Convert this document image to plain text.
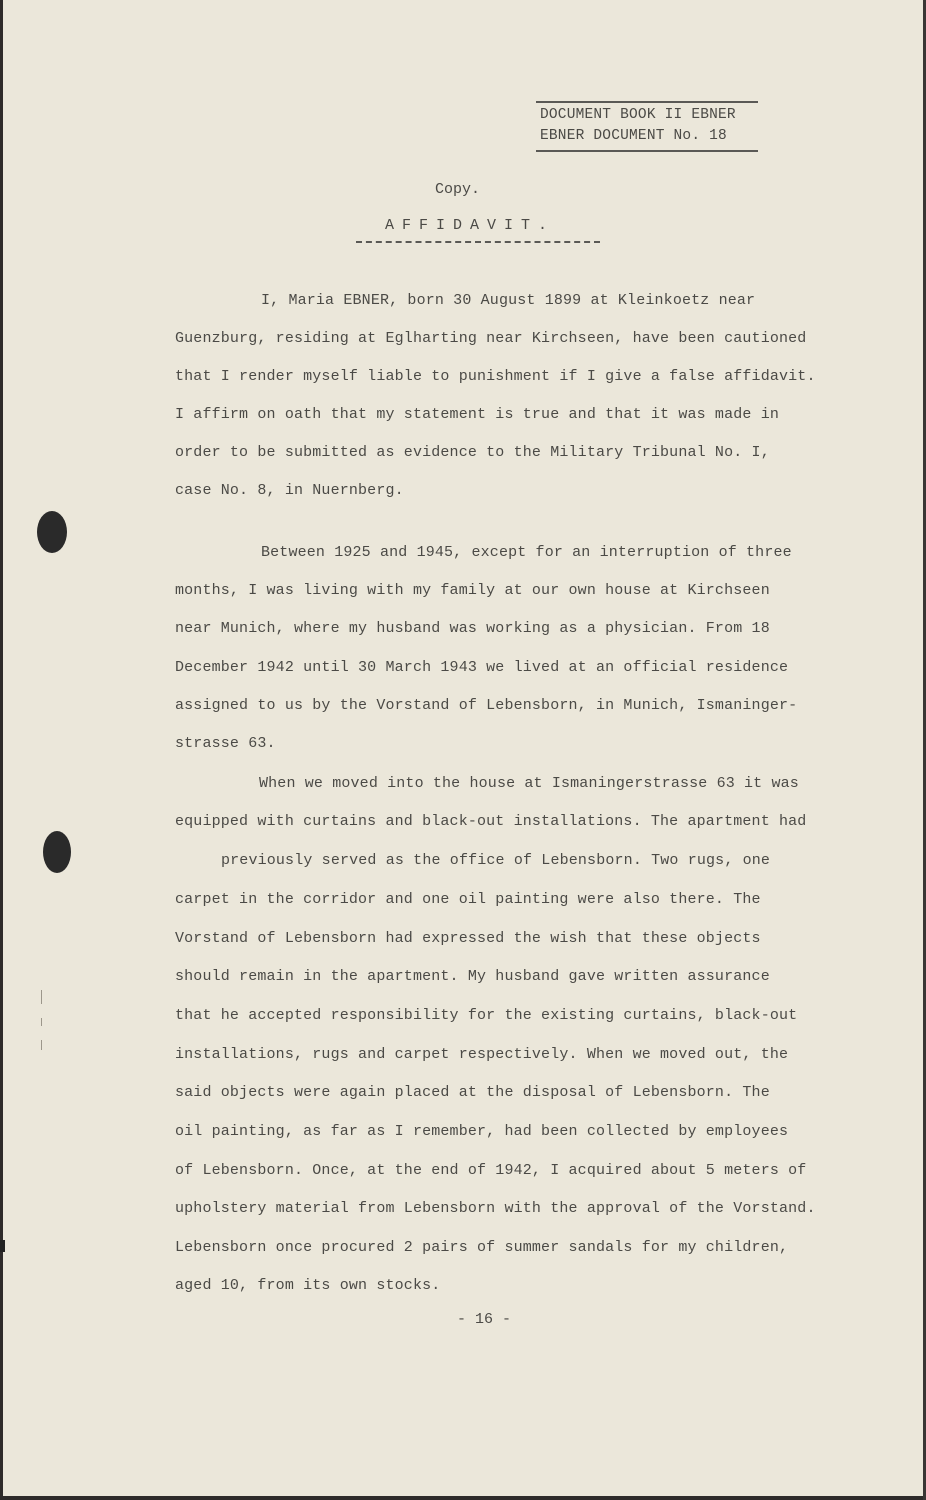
DOCUMENT BOOK II EBNER
EBNER DOCUMENT No. 18
Copy.
AFFIDAVIT.
I, Maria EBNER, born 30 August 1899 at Kleinkoetz near
Guenzburg, residing at Eglharting near Kirchseen, have been cautioned
that I render myself liable to punishment if I give a false affidavit.
I affirm on oath that my statement is true and that it was made in
order to be submitted as evidence to the Military Tribunal No. I,
case No. 8, in Nuernberg.
Between 1925 and 1945, except for an interruption of three
months, I was living with my family at our own house at Kirchseen
near Munich, where my husband was working as a physician. From 18
December 1942 until 30 March 1943 we lived at an official residence
assigned to us by the Vorstand of Lebensborn, in Munich, Ismaninger-
strasse 63.
When we moved into the house at Ismaningerstrasse 63 it was
equipped with curtains and black-out installations. The apartment had
previously served as the office of Lebensborn. Two rugs, one
carpet in the corridor and one oil painting were also there. The
Vorstand of Lebensborn had expressed the wish that these objects
should remain in the apartment. My husband gave written assurance
that he accepted responsibility for the existing curtains, black-out
installations, rugs and carpet respectively. When we moved out, the
said objects were again placed at the disposal of Lebensborn. The
oil painting, as far as I remember, had been collected by employees
of Lebensborn. Once, at the end of 1942, I acquired about 5 meters of
upholstery material from Lebensborn with the approval of the Vorstand.
Lebensborn once procured 2 pairs of summer sandals for my children,
aged 10, from its own stocks.
- 16 -
